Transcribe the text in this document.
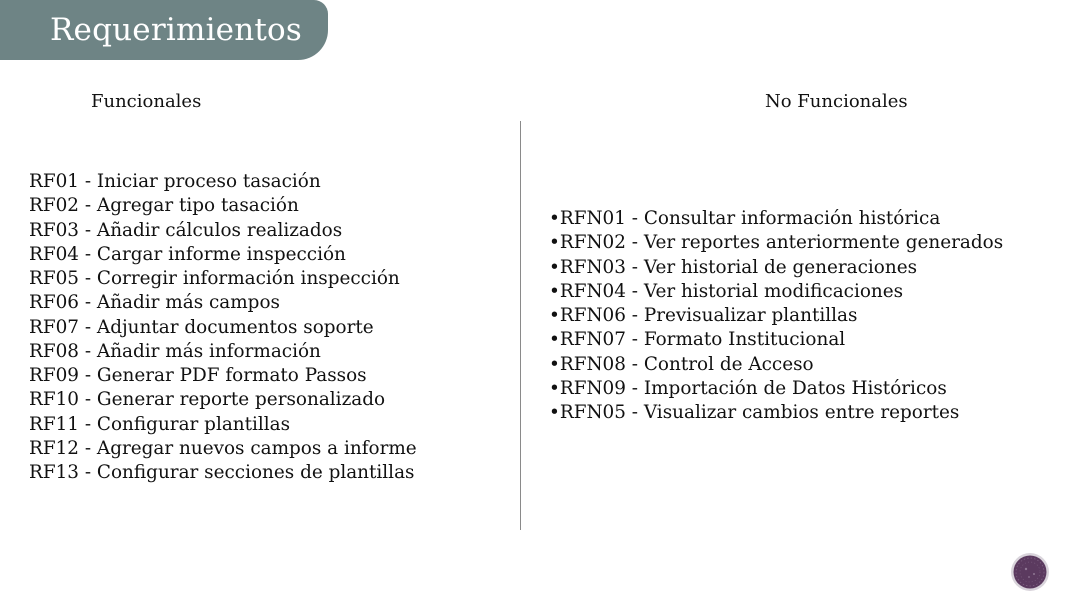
Requerimientos
Funcionales	No Funcionales
RF01 - Iniciar proceso tasación
RF02 - Agregar tipo tasación
RF03 - Añadir cálculos realizados
RF04 - Cargar informe inspección
RF05 - Corregir información inspección
RF06 - Añadir más campos
RF07 - Adjuntar documentos soporte
RF08 - Añadir más información
RF09 - Generar PDF formato Passos
RF10 - Generar reporte personalizado
RF11 - Configurar plantillas
RF12 - Agregar nuevos campos a informe
RF13 - Configurar secciones de plantillas
•RFN01 - Consultar información histórica
•RFN02 - Ver reportes anteriormente generados
•RFN03 - Ver historial de generaciones
•RFN04 - Ver historial modificaciones
•RFN06 - Previsualizar plantillas
•RFN07 - Formato Institucional
•RFN08 - Control de Acceso
•RFN09 - Importación de Datos Históricos
•RFN05 - Visualizar cambios entre reportes
